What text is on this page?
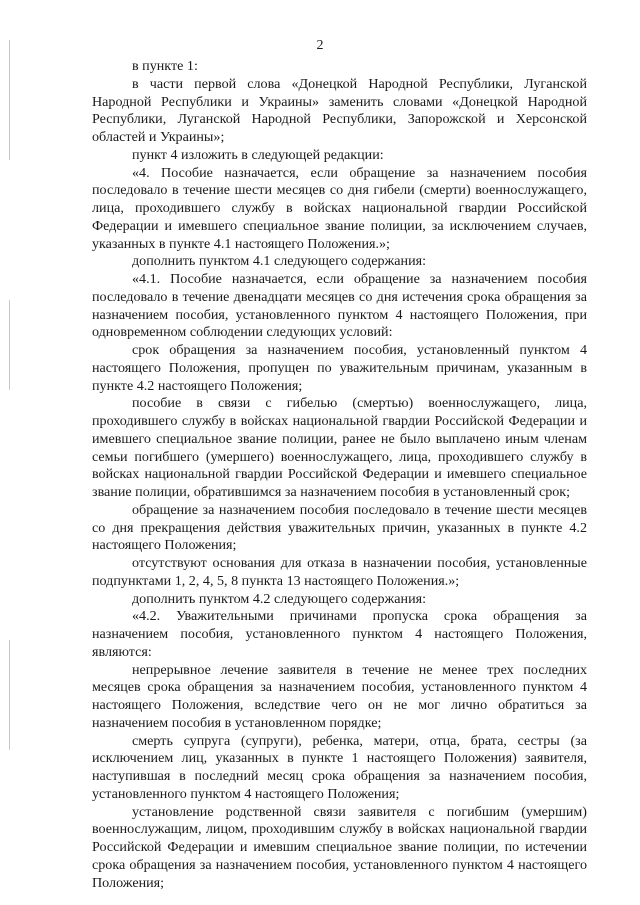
2

в пункте 1:

в части первой слова «Донецкой Народной Республики, Луганской Народной Республики и Украины» заменить словами «Донецкой Народной Республики, Луганской Народной Республики, Запорожской и Херсонской областей и Украины»;

пункт 4 изложить в следующей редакции:

«4. Пособие назначается, если обращение за назначением пособия последовало в течение шести месяцев со дня гибели (смерти) военнослужащего, лица, проходившего службу в войсках национальной гвардии Российской Федерации и имевшего специальное звание полиции, за исключением случаев, указанных в пункте 4.1 настоящего Положения.»;

дополнить пунктом 4.1 следующего содержания:

«4.1. Пособие назначается, если обращение за назначением пособия последовало в течение двенадцати месяцев со дня истечения срока обращения за назначением пособия, установленного пунктом 4 настоящего Положения, при одновременном соблюдении следующих условий:

срок обращения за назначением пособия, установленный пунктом 4 настоящего Положения, пропущен по уважительным причинам, указанным в пункте 4.2 настоящего Положения;

пособие в связи с гибелью (смертью) военнослужащего, лица, проходившего службу в войсках национальной гвардии Российской Федерации и имевшего специальное звание полиции, ранее не было выплачено иным членам семьи погибшего (умершего) военнослужащего, лица, проходившего службу в войсках национальной гвардии Российской Федерации и имевшего специальное звание полиции, обратившимся за назначением пособия в установленный срок;

обращение за назначением пособия последовало в течение шести месяцев со дня прекращения действия уважительных причин, указанных в пункте 4.2 настоящего Положения;

отсутствуют основания для отказа в назначении пособия, установленные подпунктами 1, 2, 4, 5, 8 пункта 13 настоящего Положения.»;

дополнить пунктом 4.2 следующего содержания:

«4.2. Уважительными причинами пропуска срока обращения за назначением пособия, установленного пунктом 4 настоящего Положения, являются:

непрерывное лечение заявителя в течение не менее трех последних месяцев срока обращения за назначением пособия, установленного пунктом 4 настоящего Положения, вследствие чего он не мог лично обратиться за назначением пособия в установленном порядке;

смерть супруга (супруги), ребенка, матери, отца, брата, сестры (за исключением лиц, указанных в пункте 1 настоящего Положения) заявителя, наступившая в последний месяц срока обращения за назначением пособия, установленного пунктом 4 настоящего Положения;

установление родственной связи заявителя с погибшим (умершим) военнослужащим, лицом, проходившим службу в войсках национальной гвардии Российской Федерации и имевшим специальное звание полиции, по истечении срока обращения за назначением пособия, установленного пунктом 4 настоящего Положения;
